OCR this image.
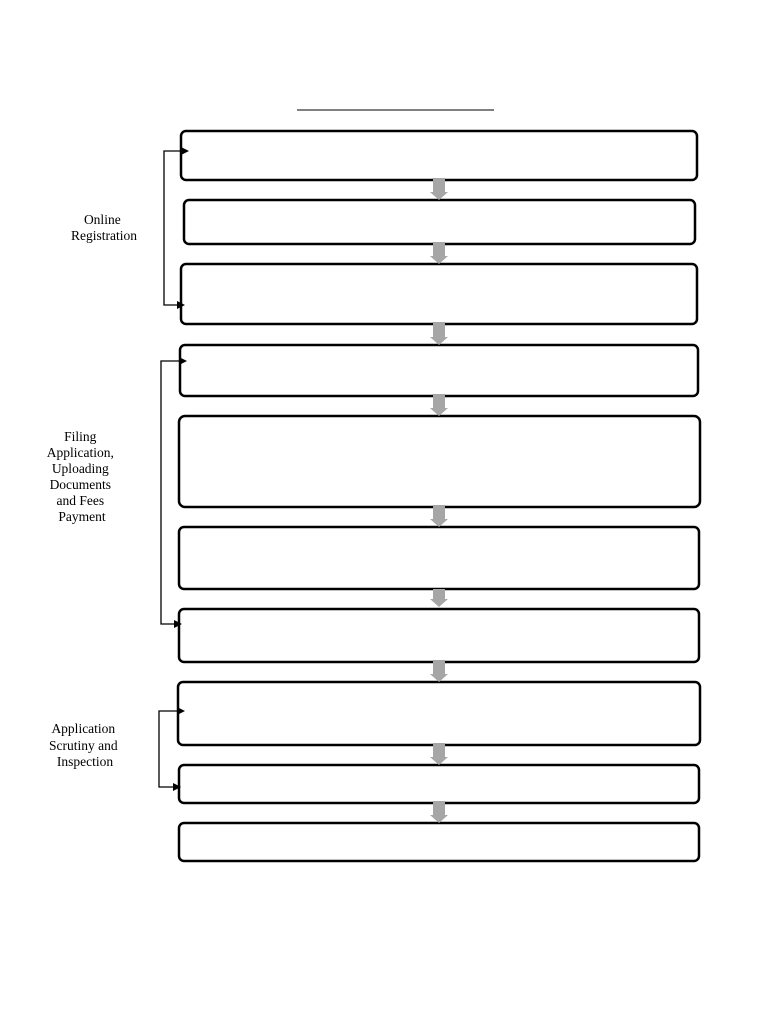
Online Registration
Filing Application, Uploading Documents and Fees Payment
Application Scrutiny and Inspection
